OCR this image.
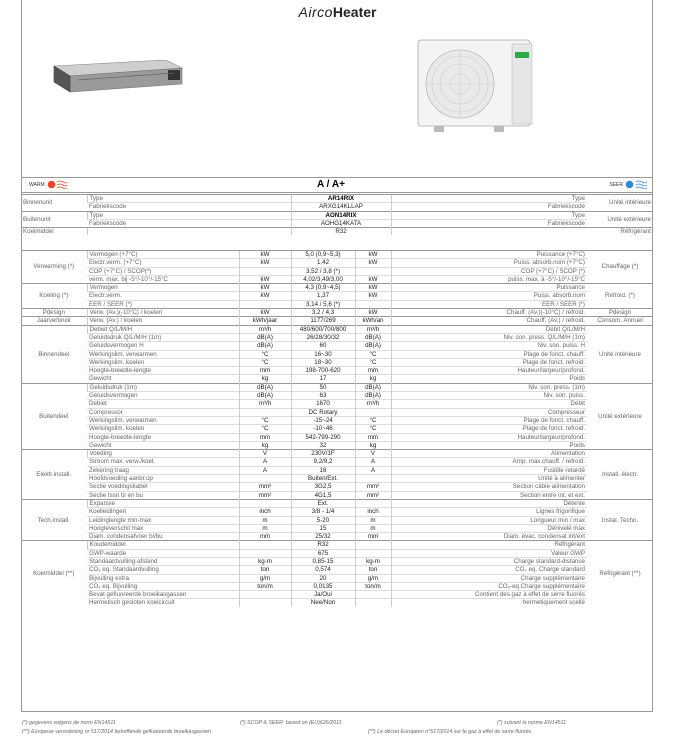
AircoHeater
WARM	A / A+	SEER
Binnenunit	Type	AR14RIX	Type	Unité intérieure
	Fabriekscode	ARXG14KLLAP	Fabriekscode	
Buitenunit	Type	AON14RIX	Type	Unité extérieure
	Fabriekscode	AOHG14KATA	Fabriekscode	
Koelmiddel		R32		Réfrigérant
Verwarming (*)	Vermogen (+7°C)	kW	5,0 (0,9~5,3)	kW	Puissance (+7°C)	Chauffage (*)
	Electr.verm. (+7°C)	kW	1,42	kW	Puiss. absorb.nom (+7°C)	
	COP (+7°C) / SCOP(*)		3,52 / 3,8 (*)		COP (+7°C) / SCOP (*)	
	verm. max. bij -5°/-10°/-15°C	kW	4,02/3,49/3,00	kW	puiss. max. à -5°/-10°/-15°C	
Koeling (*)	Vermogen	kW	4,3 (0,9~4,5)	kW	Puissance	Refroid. (*)
	Electr.verm.	kW	1,37	kW	Puiss. absorb.nom	
	EER / SEER (*)		3,14 / 5,6 (*)		EER / SEER (*)	
Pdesign	Verw. (Av.)(-10°C) / koelen	kW	3,2 / 4,3	kW	Chauff. (Av.)(-10°C) / refroid.	Pdesign
Jaarverbruik	Verw. (Av.) / koelen	kWh/jaar	1177/269	kWh/an	Chauff. (Av.) / refroid.	Consom. Annuel
Binnendeel	Debiet Q/L/M/H	m³/h	480/600/700/800	m³/h	Débit Q/L/M/H	Unité intérieure
	Geluidsdruk Q/L/M/H (1m)	dB(A)	26/28/30/32	dB(A)	Niv. son. press. Q/L/M/H (1m)	
	Geluidsvermogen H	dB(A)	60	dB(A)	Niv. son. puiss. H	
	Werkingslim. verwarmen	°C	16~30	°C	Plage de fonct. chauff.	
	Werkingslim. koelen	°C	18~30	°C	Plage de fonct. refroid.	
	Hoogte-breedte-lengte	mm	198-700-620	mm	Hauteur/largeur/profond.	
	Gewicht	kg	17	kg	Poids	
Buitendeel	Geluidsdruk (1m)	dB(A)	50	dB(A)	Niv. son. press. (1m)	Unité extérieure
	Geluidsvermogen	dB(A)	63	dB(A)	Niv. son. puiss.	
	Debiet	m³/h	1670	m³/h	Débit	
	Compressor		DC Rotary		Compresseur	
	Werkingslim. verwarmen	°C	-15~24	°C	Plage de fonct. chauff.	
	Werkingslim. koelen	°C	-10~46	°C	Plage de fonct. refroid.	
	Hoogte-breedte-lengte	mm	542-799-290	mm	Hauteur/largeur/profond.	
	Gewicht	kg	32	kg	Poids	
Elektr.install.	Voeding	V	230V/1F	V	Alimentation	Install. électr.
	Stroom max. verw./koel.	A	9,2/9,2	A	Amp. max.chauff. / refroid.	
	Zekering traag	A	16	A	Fusible retardé	
	Hoofdvoeding aanbr.op		Buiten/Ext.		Unité à alimenter	
	Sectie voedingskabel	mm²	3G2,5	mm²	Section câble alimentation	
	Sectie tssn bi en bu	mm²	4G1,5	mm²	Section entre int. et ext.	
Tech.install.	Expansie		Ext.		Détente	Instal. Techn.
	Koelleidingen	inch	3/8 - 1/4	inch	Lignes frigorifique	
	Leidinglengte min-max	m	5-20	m	Longueur min / max	
	Hoogteverschil max	m	15	m	Dénivelé max	
	Diam. condensafvoer bi/bu	mm	25/32	mm	Diam. évac. condensat int/ext	
Koelmiddel (**)	Koudemiddel		R32		Réfrigérant	Réfrigérant (**)
	GWP-waarde		675		Valeur GWP	
	Standaardvulling-afstand	kg-m	0,85-15	kg-m	Charge standard-distance	
	CO₂ eq. Standaardvulling	ton	0,574	ton	CO₂ eq. Charge standard	
	Bijvulling extra	g/m	20	g/m	Charge supplémentaire	
	CO₂ eq. Bijvulling	ton/m	0,0135	ton/m	CO₂-eq Charge supplémentaire	
	Bevat gefluoreerde broeikasgassen		Ja/Oui		Contient des gaz à effet de serre fluorés	
	Hermetisch gesloten koelcircuit		Nee/Non		hermetiquement scellé	
(*) gegevens volgens de norm EN14511	(*) SCOP & SEER: based on (EU)626/2011	(*) suivant la norme EN14511
(**) Europese verordening nr 517/2014 betreffende gefluoreerde broeikasgassen	(**) Le décret Européen n°517/2014 sur le gaz à effet de serre fluorés
